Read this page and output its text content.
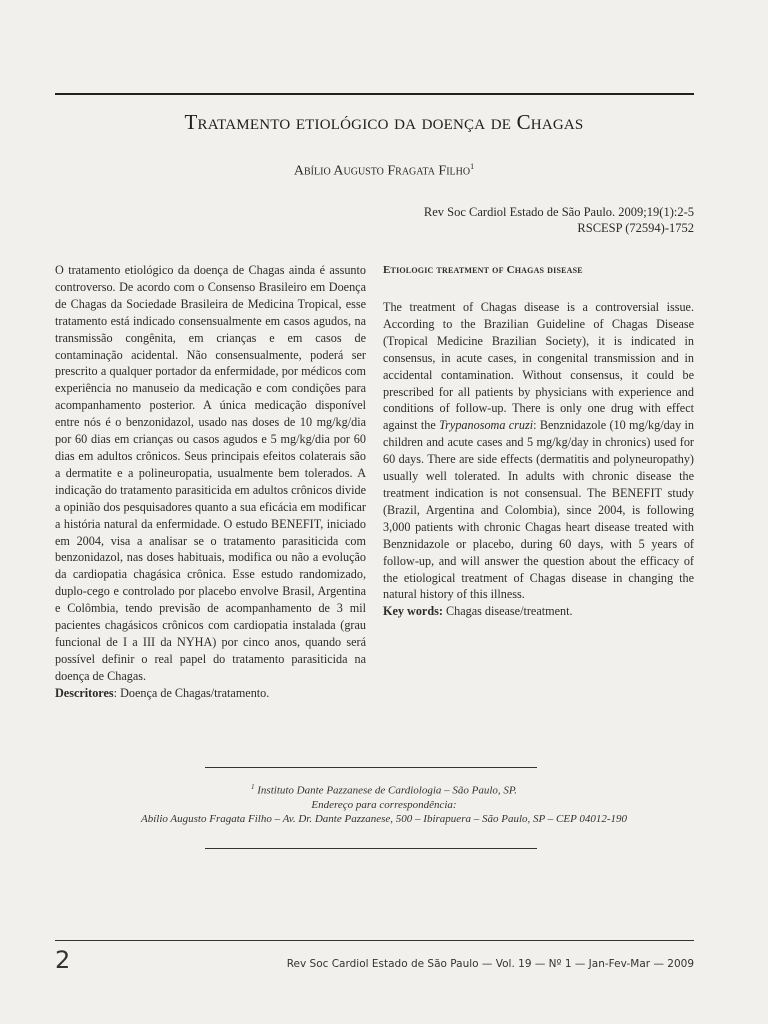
Tratamento etiológico da doença de Chagas
Abílio Augusto Fragata Filho$^1$
Rev Soc Cardiol Estado de São Paulo. 2009;19(1):2-5
RSCESP (72594)-1752

O tratamento etiológico da doença de Chagas ainda é assunto controverso. De acordo com o Consenso Brasileiro em Doença de Chagas da Sociedade Brasileira de Medicina Tropical, esse tratamento está indicado consensualmente em casos agudos, na transmissão congênita, em crianças e em casos de contaminação acidental. Não consensualmente, poderá ser prescrito a qualquer portador da enfermidade, por médicos com experiência no manuseio da medicação e com condições para acompanhamento posterior. A única medicação disponível entre nós é o benzonidazol, usado nas doses de 10 mg/kg/dia por 60 dias em crianças ou casos agudos e 5 mg/kg/dia por 60 dias em adultos crônicos. Seus principais efeitos colaterais são a dermatite e a polineuropatia, usualmente bem tolerados. A indicação do tratamento parasiticida em adultos crônicos divide a opinião dos pesquisadores quanto a sua eficácia em modificar a história natural da enfermidade. O estudo BENEFIT, iniciado em 2004, visa a analisar se o tratamento parasiticida com benzonidazol, nas doses habituais, modifica ou não a evolução da cardiopatia chagásica crônica. Esse estudo randomizado, duplo-cego e controlado por placebo envolve Brasil, Argentina e Colômbia, tendo previsão de acompanhamento de 3 mil pacientes chagásicos crônicos com cardiopatia instalada (grau funcional de I a III da NYHA) por cinco anos, quando será possível definir o real papel do tratamento parasiticida na doença de Chagas.

Descritores: Doença de Chagas/tratamento.

Etiologic treatment of Chagas disease

The treatment of Chagas disease is a controversial issue. According to the Brazilian Guideline of Chagas Disease (Tropical Medicine Brazilian Society), it is indicated in consensus, in acute cases, in congenital transmission and in accidental contamination. Without consensus, it could be prescribed for all patients by physicians with experience and conditions of follow-up. There is only one drug with effect against the Trypanosoma cruzi: Benznidazole (10 mg/kg/day in children and acute cases and 5 mg/kg/day in chronics) used for 60 days. There are side effects (dermatitis and polyneuropathy) usually well tolerated. In adults with chronic disease the treatment indication is not consensual. The BENEFIT study (Brazil, Argentina and Colombia), since 2004, is following 3,000 patients with chronic Chagas heart disease treated with Benznidazole or placebo, during 60 days, with 5 years of follow-up, and will answer the question about the efficacy of the etiological treatment of Chagas disease in changing the natural history of this illness.

Key words: Chagas disease/treatment.

$^1$ Instituto Dante Pazzanese de Cardiologia – São Paulo, SP.
Endereço para correspondência:
Abílio Augusto Fragata Filho – Av. Dr. Dante Pazzanese, 500 – Ibirapuera – São Paulo, SP – CEP 04012-190
2	Rev Soc Cardiol Estado de São Paulo — Vol. 19 — Nº 1 — Jan-Fev-Mar — 2009
